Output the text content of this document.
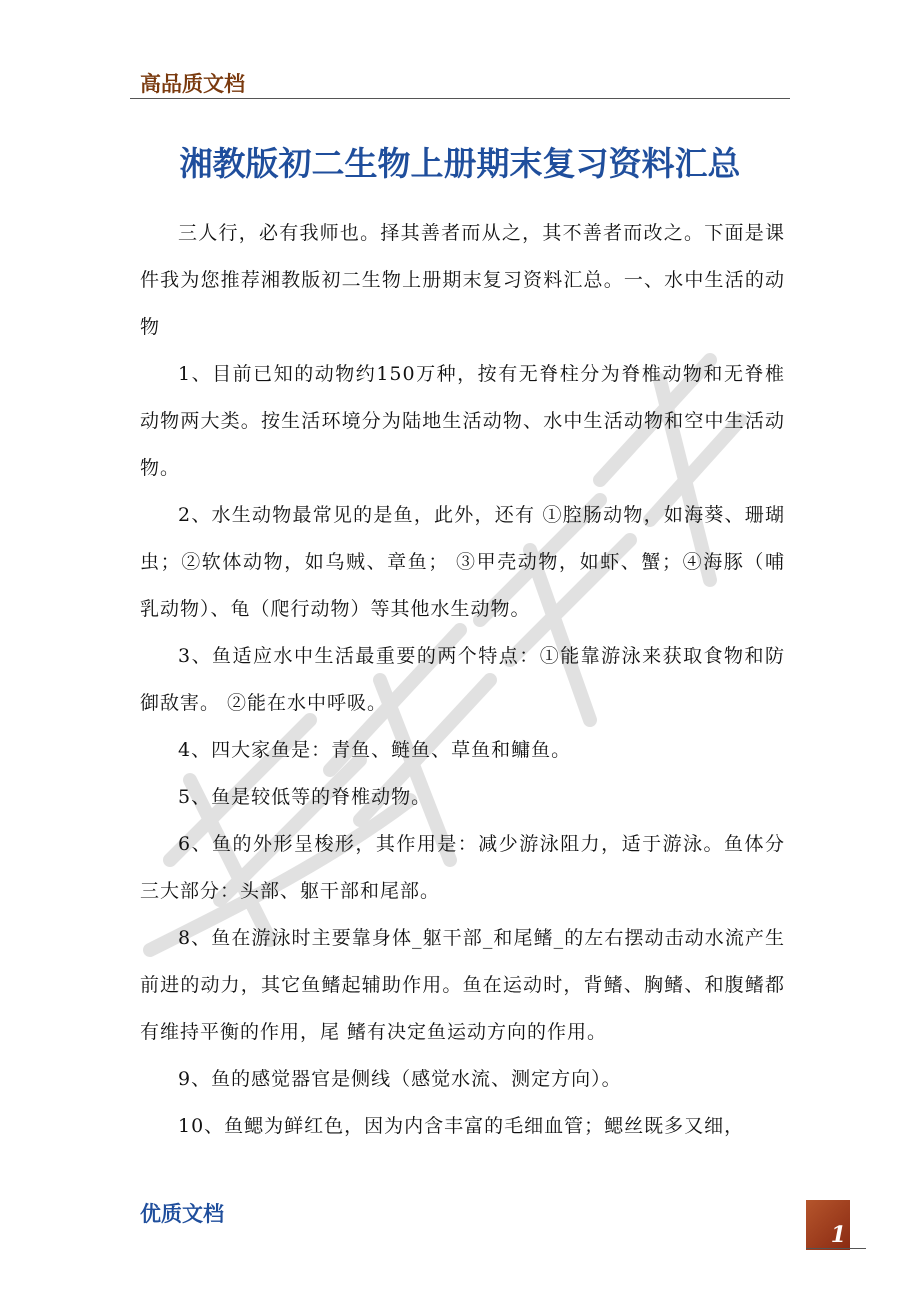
高品质文档
湘教版初二生物上册期末复习资料汇总

三人行，必有我师也。择其善者而从之，其不善者而改之。下面是课件我为您推荐湘教版初二生物上册期末复习资料汇总。一、水中生活的动物

1、目前已知的动物约150万种，按有无脊柱分为脊椎动物和无脊椎动物两大类。按生活环境分为陆地生活动物、水中生活动物和空中生活动物。

2、水生动物最常见的是鱼，此外，还有 ①腔肠动物，如海葵、珊瑚虫；②软体动物，如乌贼、章鱼； ③甲壳动物，如虾、蟹；④海豚（哺乳动物）、龟（爬行动物）等其他水生动物。

3、鱼适应水中生活最重要的两个特点：①能靠游泳来获取食物和防御敌害。 ②能在水中呼吸。

4、四大家鱼是：青鱼、鲢鱼、草鱼和鳙鱼。

5、鱼是较低等的脊椎动物。

6、鱼的外形呈梭形，其作用是：减少游泳阻力，适于游泳。鱼体分三大部分：头部、躯干部和尾部。

8、鱼在游泳时主要靠身体_躯干部_和尾鳍_的左右摆动击动水流产生前进的动力，其它鱼鳍起辅助作用。鱼在运动时，背鳍、胸鳍、和腹鳍都有维持平衡的作用，尾 鳍有决定鱼运动方向的作用。

9、鱼的感觉器官是侧线（感觉水流、测定方向）。

10、鱼鳃为鲜红色，因为内含丰富的毛细血管；鳃丝既多又细，

优质文档
1
